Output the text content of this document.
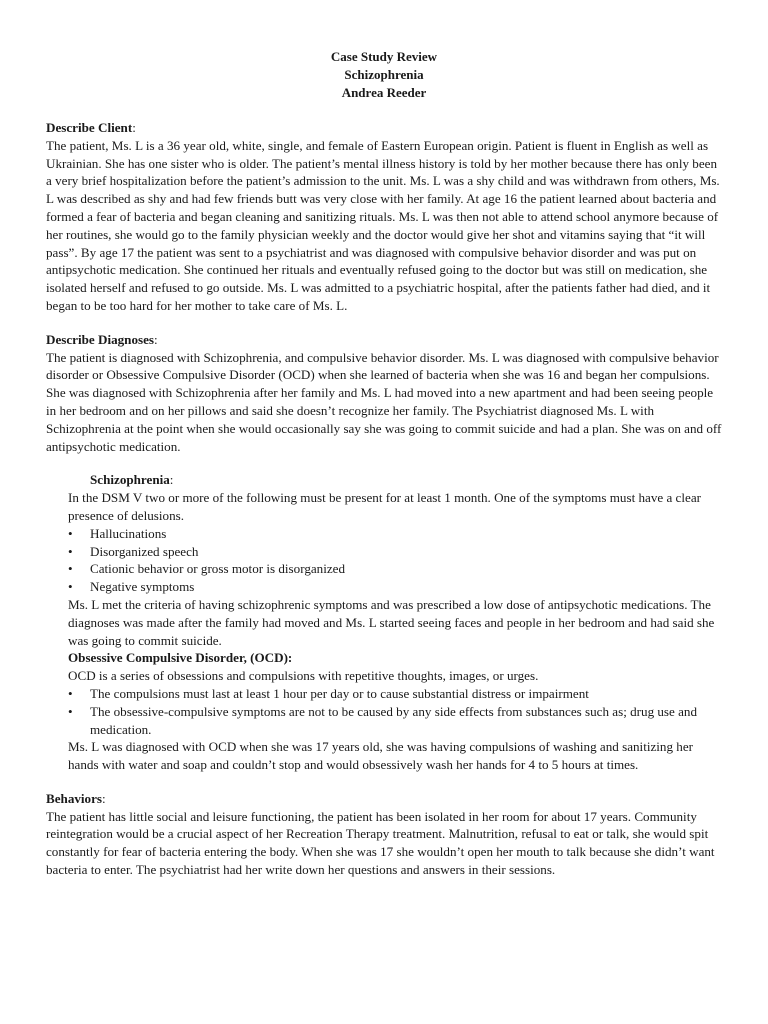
Case Study Review
Schizophrenia
Andrea Reeder

Describe Client:

The patient, Ms. L is a 36 year old, white, single, and female of Eastern European origin. Patient is fluent in English as well as Ukrainian. She has one sister who is older. The patient’s mental illness history is told by her mother because there has only been a very brief hospitalization before the patient’s admission to the unit. Ms. L was a shy child and was withdrawn from others, Ms. L was described as shy and had few friends butt was very close with her family. At age 16 the patient learned about bacteria and formed a fear of bacteria and began cleaning and sanitizing rituals. Ms. L was then not able to attend school anymore because of her routines, she would go to the family physician weekly and the doctor would give her shot and vitamins saying that “it will pass”. By age 17 the patient was sent to a psychiatrist and was diagnosed with compulsive behavior disorder and was put on antipsychotic medication. She continued her rituals and eventually refused going to the doctor but was still on medication, she isolated herself and refused to go outside. Ms. L was admitted to a psychiatric hospital, after the patients father had died, and it began to be too hard for her mother to take care of Ms. L.

Describe Diagnoses:

The patient is diagnosed with Schizophrenia, and compulsive behavior disorder. Ms. L was diagnosed with compulsive behavior disorder or Obsessive Compulsive Disorder (OCD) when she learned of bacteria when she was 16 and began her compulsions. She was diagnosed with Schizophrenia after her family and Ms. L had moved into a new apartment and had been seeing people in her bedroom and on her pillows and said she doesn’t recognize her family. The Psychiatrist diagnosed Ms. L with Schizophrenia at the point when she would occasionally say she was going to commit suicide and had a plan. She was on and off antipsychotic medication.

Schizophrenia:

In the DSM V two or more of the following must be present for at least 1 month. One of the symptoms must have a clear presence of delusions.

• Hallucinations
• Disorganized speech
• Cationic behavior or gross motor is disorganized
• Negative symptoms

Ms. L met the criteria of having schizophrenic symptoms and was prescribed a low dose of antipsychotic medications. The diagnoses was made after the family had moved and Ms. L started seeing faces and people in her bedroom and had said she was going to commit suicide.

Obsessive Compulsive Disorder, (OCD):

OCD is a series of obsessions and compulsions with repetitive thoughts, images, or urges.

• The compulsions must last at least 1 hour per day or to cause substantial distress or impairment
• The obsessive-compulsive symptoms are not to be caused by any side effects from substances such as; drug use and medication.

Ms. L was diagnosed with OCD when she was 17 years old, she was having compulsions of washing and sanitizing her hands with water and soap and couldn’t stop and would obsessively wash her hands for 4 to 5 hours at times.

Behaviors:

The patient has little social and leisure functioning, the patient has been isolated in her room for about 17 years. Community reintegration would be a crucial aspect of her Recreation Therapy treatment. Malnutrition, refusal to eat or talk, she would spit constantly for fear of bacteria entering the body. When she was 17 she wouldn’t open her mouth to talk because she didn’t want bacteria to enter. The psychiatrist had her write down her questions and answers in their sessions.
